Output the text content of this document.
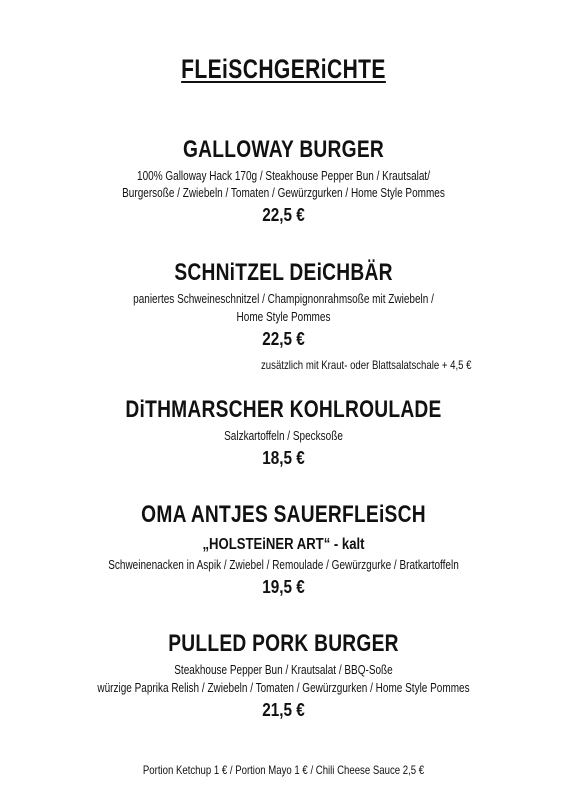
FLEiSCHGERiCHTE
GALLOWAY BURGER
100% Galloway Hack 170g / Steakhouse Pepper Bun / Krautsalat/
Burgersoße / Zwiebeln / Tomaten / Gewürzgurken / Home Style Pommes
22,5 €
SCHNiTZEL DEiCHBÄR
paniertes Schweineschnitzel / Champignonrahmsoße mit Zwiebeln /
Home Style Pommes
22,5 €
zusätzlich mit Kraut- oder Blattsalatschale + 4,5 €
DiTHMARSCHER KOHLROULADE
Salzkartoffeln / Specksoße
18,5 €
OMA ANTJES SAUERFLEiSCH
„HOLSTEiNER ART“ - kalt
Schweinenacken in Aspik / Zwiebel / Remoulade / Gewürzgurke / Bratkartoffeln
19,5 €
PULLED PORK BURGER
Steakhouse Pepper Bun / Krautsalat / BBQ-Soße
würzige Paprika Relish / Zwiebeln / Tomaten / Gewürzgurken / Home Style Pommes
21,5 €
Portion Ketchup 1 € / Portion Mayo 1 € / Chili Cheese Sauce 2,5 €
